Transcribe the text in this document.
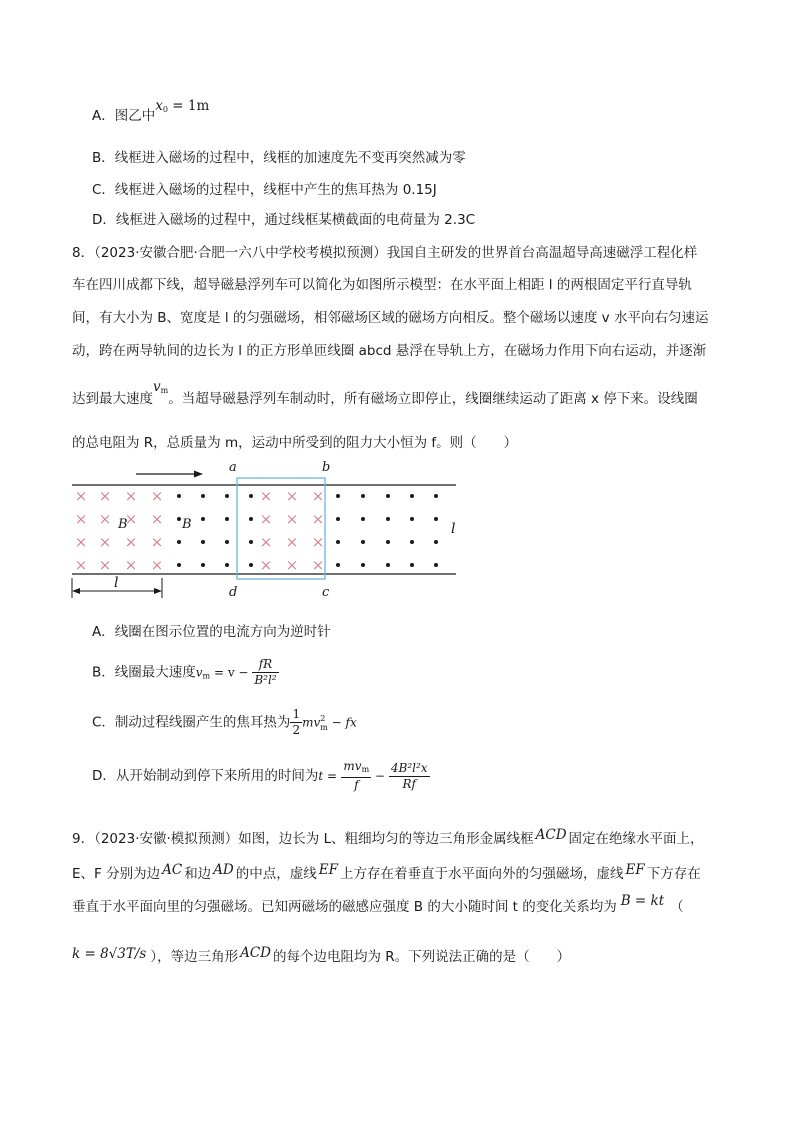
A．图乙中$x_0 = 1m$
B．线框进入磁场的过程中，线框的加速度先不变再突然减为零
C．线框进入磁场的过程中，线框中产生的焦耳热为 0.15J
D．线框进入磁场的过程中，通过线框某横截面的电荷量为 2.3C
8．（2023·安徽合肥·合肥一六八中学校考模拟预测）我国自主研发的世界首台高温超导高速磁浮工程化样
车在四川成都下线，超导磁悬浮列车可以简化为如图所示模型：在水平面上相距 l 的两根固定平行直导轨
间，有大小为 B、宽度是 l 的匀强磁场，相邻磁场区域的磁场方向相反。整个磁场以速度 v 水平向右匀速运
动，跨在两导轨间的边长为 l 的正方形单匝线圈 abcd 悬浮在导轨上方，在磁场力作用下向右运动，并逐渐
达到最大速度$v_m$。当超导磁悬浮列车制动时，所有磁场立即停止，线圈继续运动了距离 x 停下来。设线圈
的总电阻为 R，总质量为 m，运动中所受到的阻力大小恒为 f。则（　　）
× × × ×	× × ×
× × × ×	× × ×
× × × ×	× × ×
× × × ×	× × ×
a	b
c
d
B	B	l
l
A．线圈在图示位置的电流方向为逆时针
B．线圈最大速度$v_m = v - \frac{fR}{\text{B²l²}}$
C．制动过程线圈产生的焦耳热为 $\frac{1}{2}$ mv 2
m − fx
D．从开始制动到停下来所用的时间为$t = \frac{mv_m}{f} - \frac{\text{4B²l²x}}{Rf}$
9．（2023·安徽·模拟预测）如图，边长为 L、粗细均匀的等边三角形金属线框 ACD 固定在绝缘水平面上，
E、F 分别为边 AC 和边 AD 的中点，虚线 EF 上方存在着垂直于水平面向外的匀强磁场，虚线 EF 下方存在
垂直于水平面向里的匀强磁场。已知两磁场的磁感应强度 B 的大小随时间 t 的变化关系均为 B = kt （
k = 8√3T/s ），等边三角形 ACD 的每个边电阻均为 R。下列说法正确的是（　　）
